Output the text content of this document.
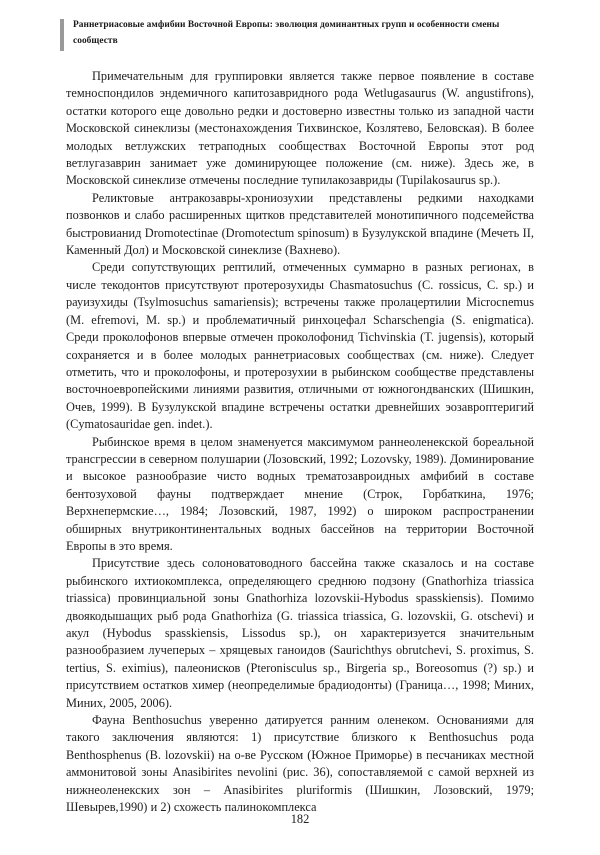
Раннетриасовые амфибии Восточной Европы: эволюция доминантных групп и особенности смены сообществ

Примечательным для группировки является также первое появление в составе темноспондилов эндемичного капитозавридного рода Wetlugasaurus (W. angustifrons), остатки которого еще довольно редки и достоверно известны только из западной части Московской синеклизы (местонахождения Тихвинское, Козлятево, Беловская). В более молодых ветлужских тетраподных сообществах Восточной Европы этот род ветлугазаврин занимает уже доминирующее положение (см. ниже). Здесь же, в Московской синеклизе отмечены последние тупилакозавриды (Tupilakosaurus sp.).

Реликтовые антракозавры-хрониозухии представлены редкими находками позвонков и слабо расширенных щитков представителей монотипичного подсемейства быстровианид Dromotectinae (Dromotectum spinosum) в Бузулукской впадине (Мечеть II, Каменный Дол) и Московской синеклизе (Вахнево).

Среди сопутствующих рептилий, отмеченных суммарно в разных регионах, в числе текодонтов присутствуют протерозухиды Chasmatosuchus (C. rossicus, C. sp.) и рауизухиды (Tsylmosuchus samariensis); встречены также пролацертилии Microcnemus (M. efremovi, M. sp.) и проблематичный ринхоцефал Scharschengia (S. enigmatica). Среди проколофонов впервые отмечен проколофонид Tichvinskia (T. jugensis), который сохраняется и в более молодых раннетриасовых сообществах (см. ниже). Следует отметить, что и проколофоны, и протерозухии в рыбинском сообществе представлены восточноевропейскими линиями развития, отличными от южногондванских (Шишкин, Очев, 1999). В Бузулукской впадине встречены остатки древнейших эозавроптеригий (Cymatosauridae gen. indet.).

Рыбинское время в целом знаменуется максимумом раннеоленекской бореальной трансгрессии в северном полушарии (Лозовский, 1992; Lozovsky, 1989). Доминирование и высокое разнообразие чисто водных трематозавроидных амфибий в составе бентозуховой фауны подтверждает мнение (Строк, Горбаткина, 1976; Верхнепермские…, 1984; Лозовский, 1987, 1992) о широком распространении обширных внутриконтинентальных водных бассейнов на территории Восточной Европы в это время.

Присутствие здесь солоноватоводного бассейна также сказалось и на составе рыбинского ихтиокомплекса, определяющего среднюю подзону (Gnathorhiza triassica triassica) провинциальной зоны Gnathorhiza lozovskii-Hybodus spasskiensis). Помимо двоякодышащих рыб рода Gnathorhiza (G. triassica triassica, G. lozovskii, G. otschevi) и акул (Hybodus spasskiensis, Lissodus sp.), он характеризуется значительным разнообразием лучеперых – хрящевых ганоидов (Saurichthys obrutchevi, S. proximus, S. tertius, S. eximius), палеонисков (Pteronisculus sp., Birgeria sp., Boreosomus (?) sp.) и присутствием остатков химер (неопределимые брадиодонты) (Граница…, 1998; Миних, Миних, 2005, 2006).

Фауна Benthosuchus уверенно датируется ранним оленеком. Основаниями для такого заключения являются: 1) присутствие близкого к Benthosuchus рода Benthosphenus (B. lozovskii) на о-ве Русском (Южное Приморье) в песчаниках местной аммонитовой зоны Anasibirites nevolini (рис. 36), сопоставляемой с самой верхней из нижнеоленекских зон – Anasibirites pluriformis (Шишкин, Лозовский, 1979; Шевырев,1990) и 2) схожесть палинокомплекса

182
